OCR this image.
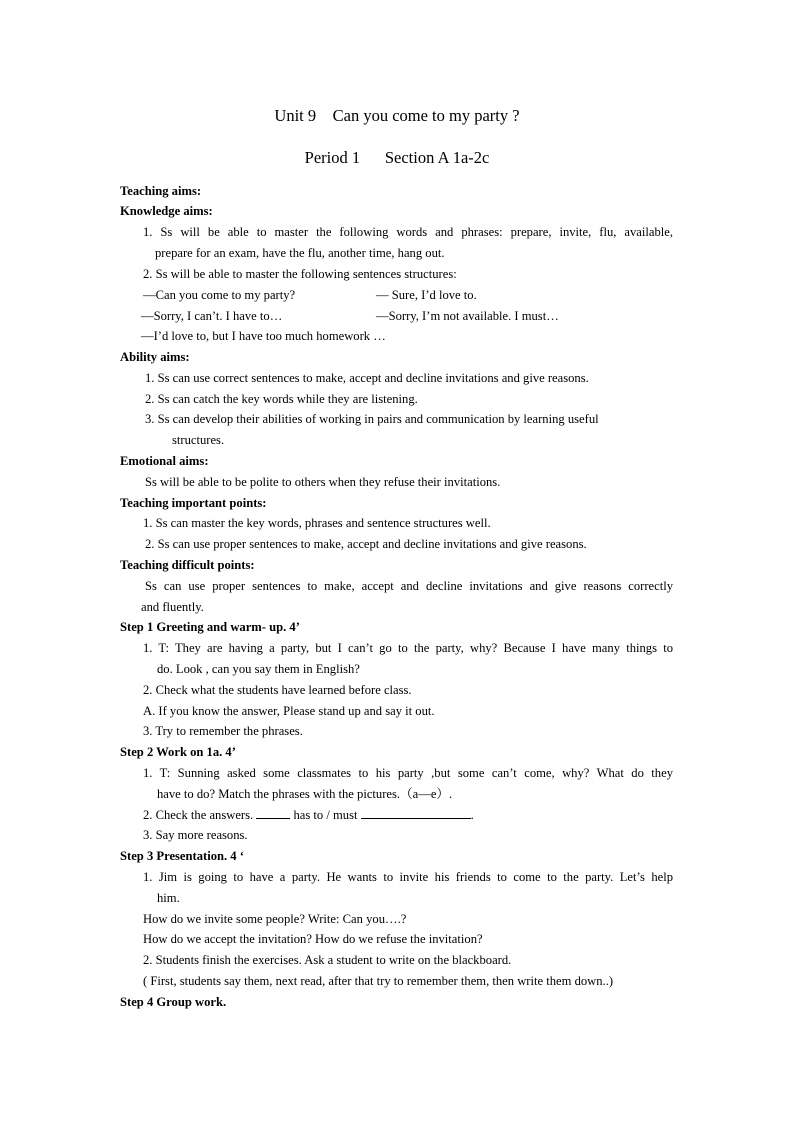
Unit 9    Can you come to my party ?
Period 1      Section A 1a-2c
Teaching aims:
Knowledge aims:
1. Ss will be able to master the following words and phrases: prepare, invite, flu, available,
prepare for an exam, have the flu, another time, hang out.
2. Ss will be able to master the following sentences structures:
—Can you come to my party?	— Sure, I’d love to.
—Sorry, I can’t. I have to…	—Sorry, I’m not available. I must…
—I’d love to, but I have too much homework …
Ability aims:
1. Ss can use correct sentences to make, accept and decline invitations and give reasons.
2. Ss can catch the key words while they are listening.
3. Ss can develop their abilities of working in pairs and communication by learning useful
structures.
Emotional aims:
Ss will be able to be polite to others when they refuse their invitations.
Teaching important points:
1. Ss can master the key words, phrases and sentence structures well.
2. Ss can use proper sentences to make, accept and decline invitations and give reasons.
Teaching difficult points:
Ss can use proper sentences to make, accept and decline invitations and give reasons correctly
and fluently.
Step 1 Greeting and warm- up. 4’
1. T: They are having a party, but I can’t go to the party, why? Because I have many things to
do. Look , can you say them in English?
2. Check what the students have learned before class.
A. If you know the answer, Please stand up and say it out.
3. Try to remember the phrases.
Step 2 Work on 1a. 4’
1. T: Sunning asked some classmates to his party ,but some can’t come, why? What do they
have to do? Match the phrases with the pictures.（a—e）.
2. Check the answers.	has to / must	.
3. Say more reasons.
Step 3 Presentation. 4 ‘
1. Jim is going to have a party. He wants to invite his friends to come to the party. Let’s help
him.
How do we invite some people? Write: Can you….?
How do we accept the invitation? How do we refuse the invitation?
2. Students finish the exercises. Ask a student to write on the blackboard.
( First, students say them, next read, after that try to remember them, then write them down..)
Step 4 Group work.
